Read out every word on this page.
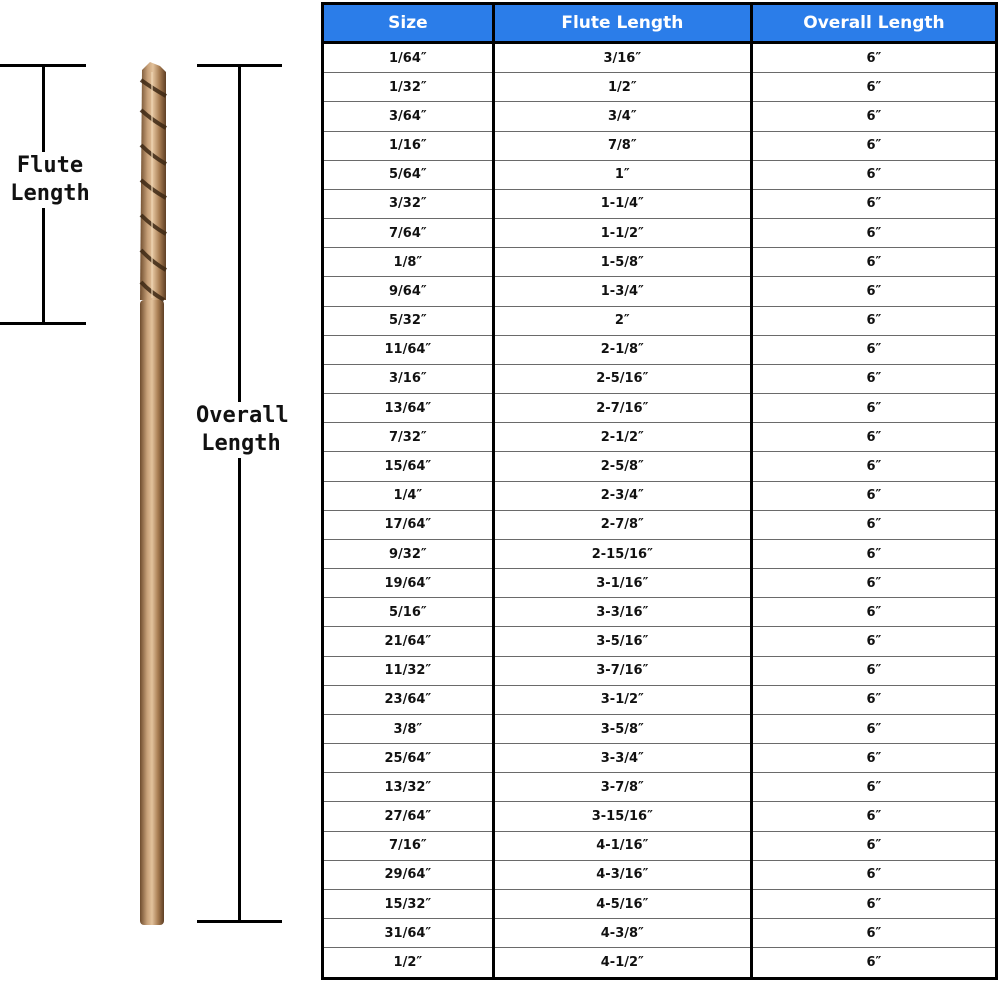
Flute
Length
Overall
Length
Size	Flute Length	Overall Length
1/64″	3/16″	6″
1/32″	1/2″	6″
3/64″	3/4″	6″
1/16″	7/8″	6″
5/64″	1″	6″
3/32″	1-1/4″	6″
7/64″	1-1/2″	6″
1/8″	1-5/8″	6″
9/64″	1-3/4″	6″
5/32″	2″	6″
11/64″	2-1/8″	6″
3/16″	2-5/16″	6″
13/64″	2-7/16″	6″
7/32″	2-1/2″	6″
15/64″	2-5/8″	6″
1/4″	2-3/4″	6″
17/64″	2-7/8″	6″
9/32″	2-15/16″	6″
19/64″	3-1/16″	6″
5/16″	3-3/16″	6″
21/64″	3-5/16″	6″
11/32″	3-7/16″	6″
23/64″	3-1/2″	6″
3/8″	3-5/8″	6″
25/64″	3-3/4″	6″
13/32″	3-7/8″	6″
27/64″	3-15/16″	6″
7/16″	4-1/16″	6″
29/64″	4-3/16″	6″
15/32″	4-5/16″	6″
31/64″	4-3/8″	6″
1/2″	4-1/2″	6″
